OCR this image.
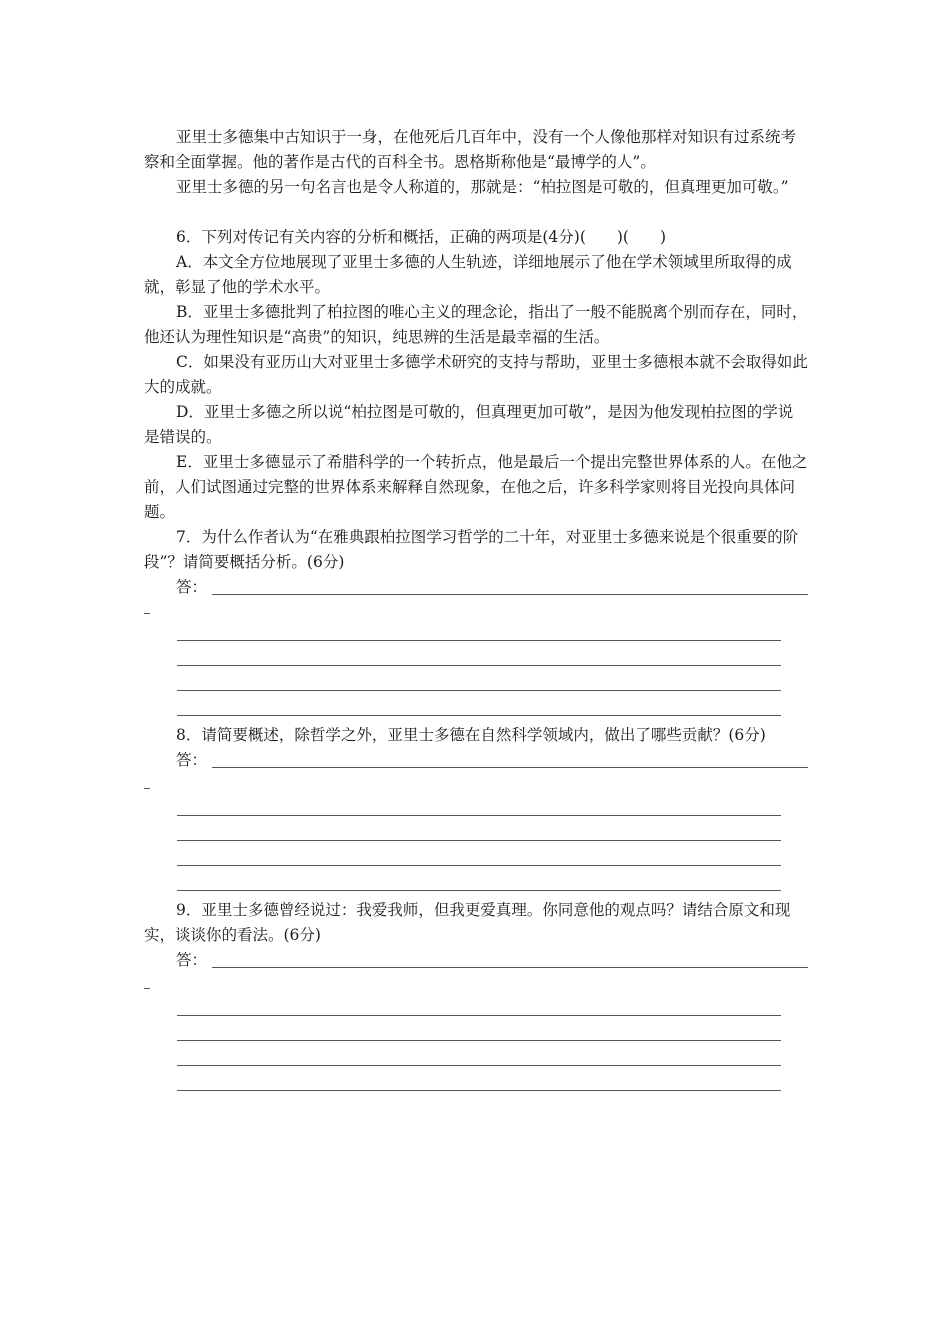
亚里士多德集中古知识于一身，在他死后几百年中，没有一个人像他那样对知识有过系统考察和全面掌握。他的著作是古代的百科全书。恩格斯称他是“最博学的人”。

亚里士多德的另一句名言也是令人称道的，那就是：“柏拉图是可敬的，但真理更加可敬。”

6．下列对传记有关内容的分析和概括，正确的两项是(4分)(　　)(　　)

A．本文全方位地展现了亚里士多德的人生轨迹，详细地展示了他在学术领域里所取得的成就，彰显了他的学术水平。

B．亚里士多德批判了柏拉图的唯心主义的理念论，指出了一般不能脱离个别而存在，同时，他还认为理性知识是“高贵”的知识，纯思辨的生活是最幸福的生活。

C．如果没有亚历山大对亚里士多德学术研究的支持与帮助，亚里士多德根本就不会取得如此大的成就。

D．亚里士多德之所以说“柏拉图是可敬的，但真理更加可敬”，是因为他发现柏拉图的学说是错误的。

E．亚里士多德显示了希腊科学的一个转折点，他是最后一个提出完整世界体系的人。在他之前，人们试图通过完整的世界体系来解释自然现象，在他之后，许多科学家则将目光投向具体问题。

7．为什么作者认为“在雅典跟柏拉图学习哲学的二十年，对亚里士多德来说是个很重要的阶段”？请简要概括分析。(6分)

答：

8．请简要概述，除哲学之外，亚里士多德在自然科学领域内，做出了哪些贡献？(6分)

答：

9．亚里士多德曾经说过：我爱我师，但我更爱真理。你同意他的观点吗？请结合原文和现实，谈谈你的看法。(6分)

答：
